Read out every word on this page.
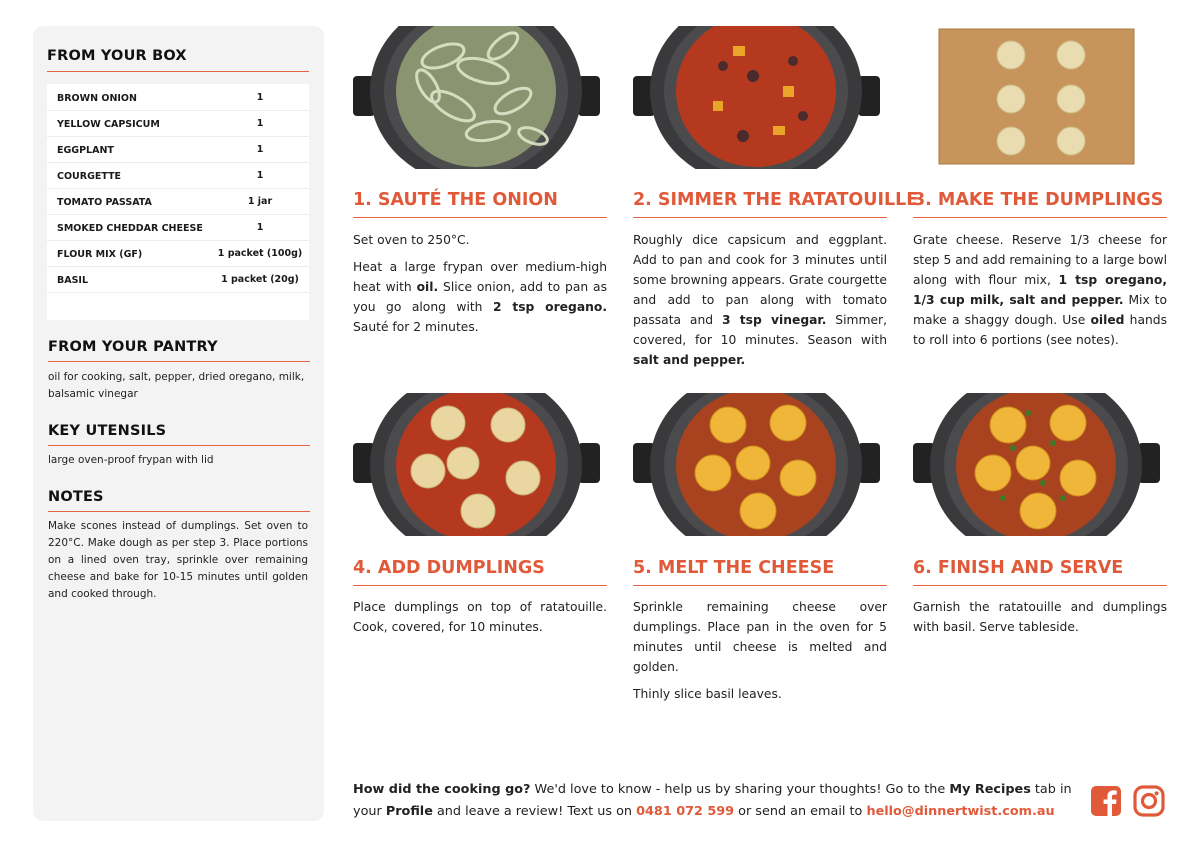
FROM YOUR BOX
BROWN ONION	1
YELLOW CAPSICUM	1
EGGPLANT	1
COURGETTE	1
TOMATO PASSATA	1 jar
SMOKED CHEDDAR CHEESE	1
FLOUR MIX (GF)	1 packet (100g)
BASIL	1 packet (20g)
FROM YOUR PANTRY
oil for cooking, salt, pepper, dried oregano, milk, balsamic vinegar
KEY UTENSILS
large oven-proof frypan with lid
NOTES
Make scones instead of dumplings. Set oven to 220°C. Make dough as per step 3. Place portions on a lined oven tray, sprinkle over remaining cheese and bake for 10-15 minutes until golden and cooked through.
1. SAUTÉ THE ONION	2. SIMMER THE RATATOUILLE
3. MAKE THE DUMPLINGS
4. ADD DUMPLINGS	5. MELT THE CHEESE	6. FINISH AND SERVE

Set oven to 250°C.

Heat a large frypan over medium-high heat with oil. Slice onion, add to pan as you go along with 2 tsp oregano. Sauté for 2 minutes.

Roughly dice capsicum and eggplant. Add to pan and cook for 3 minutes until some browning appears. Grate courgette and add to pan along with tomato passata and 3 tsp vinegar. Simmer, covered, for 10 minutes. Season with salt and pepper.

Grate cheese. Reserve 1/3 cheese for step 5 and add remaining to a large bowl along with flour mix, 1 tsp oregano, 1/3 cup milk, salt and pepper. Mix to make a shaggy dough. Use oiled hands to roll into 6 portions (see notes).

Place dumplings on top of ratatouille. Cook, covered, for 10 minutes.

Sprinkle remaining cheese over dumplings. Place pan in the oven for 5 minutes until cheese is melted and golden.

Thinly slice basil leaves.

Garnish the ratatouille and dumplings with basil. Serve tableside.

How did the cooking go? We'd love to know - help us by sharing your thoughts! Go to the My Recipes tab in your Profile and leave a review! Text us on 0481 072 599 or send an email to hello@dinnertwist.com.au
